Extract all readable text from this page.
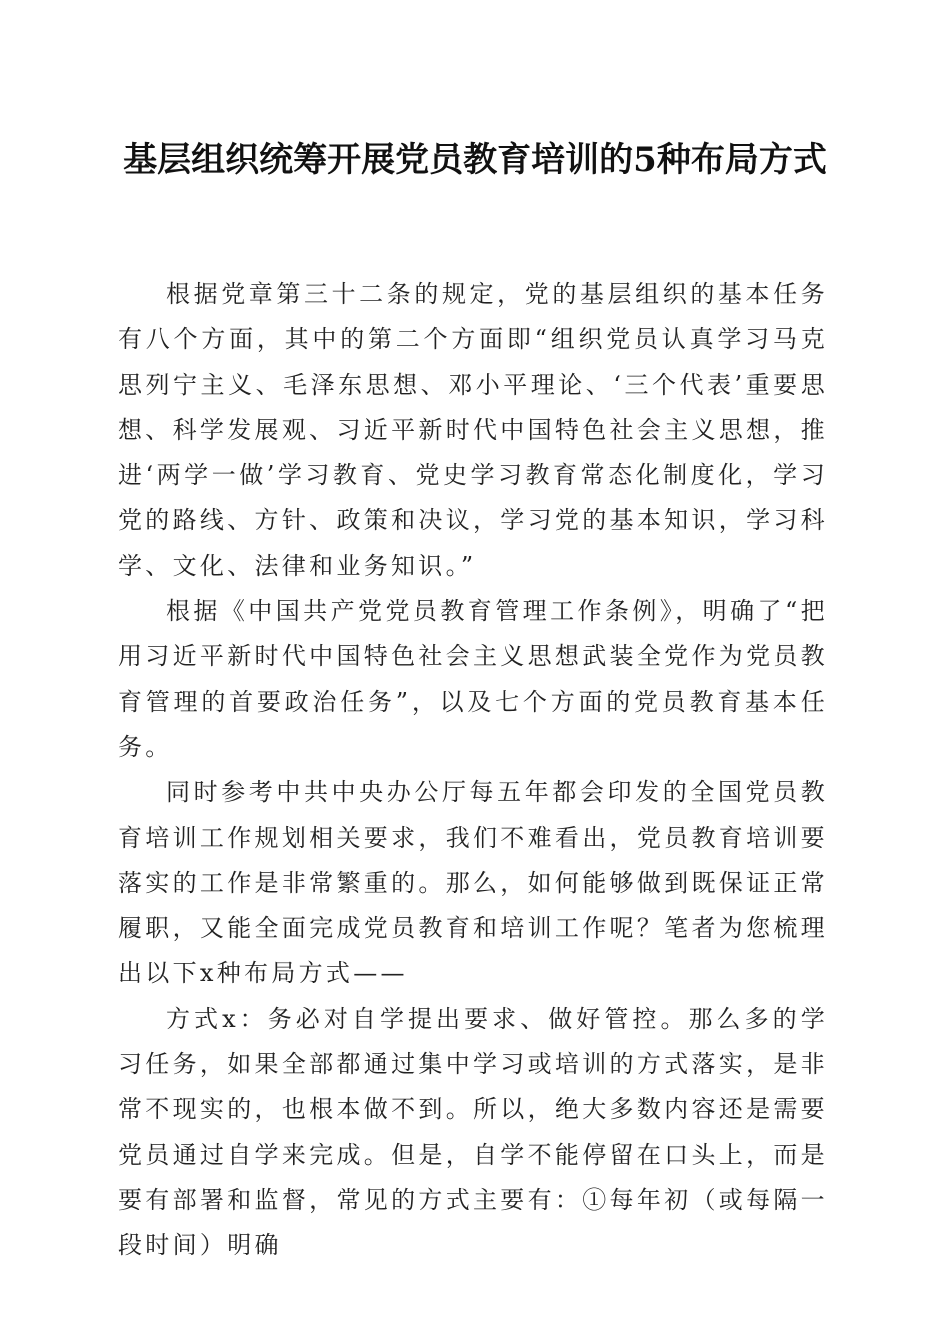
基层组织统筹开展党员教育培训的5种布局方式

根据党章第三十二条的规定，党的基层组织的基本任务有八个方面，其中的第二个方面即“组织党员认真学习马克思列宁主义、毛泽东思想、邓小平理论、‘三个代表’重要思想、科学发展观、习近平新时代中国特色社会主义思想，推进‘两学一做’学习教育、党史学习教育常态化制度化，学习党的路线、方针、政策和决议，学习党的基本知识，学习科学、文化、法律和业务知识。”

根据《中国共产党党员教育管理工作条例》，明确了“把用习近平新时代中国特色社会主义思想武装全党作为党员教育管理的首要政治任务”，以及七个方面的党员教育基本任务。

同时参考中共中央办公厅每五年都会印发的全国党员教育培训工作规划相关要求，我们不难看出，党员教育培训要落实的工作是非常繁重的。那么，如何能够做到既保证正常履职，又能全面完成党员教育和培训工作呢？笔者为您梳理出以下x种布局方式——

方式x：务必对自学提出要求、做好管控。那么多的学习任务，如果全部都通过集中学习或培训的方式落实，是非常不现实的，也根本做不到。所以，绝大多数内容还是需要党员通过自学来完成。但是，自学不能停留在口头上，而是要有部署和监督，常见的方式主要有：①每年初（或每隔一段时间）明确
